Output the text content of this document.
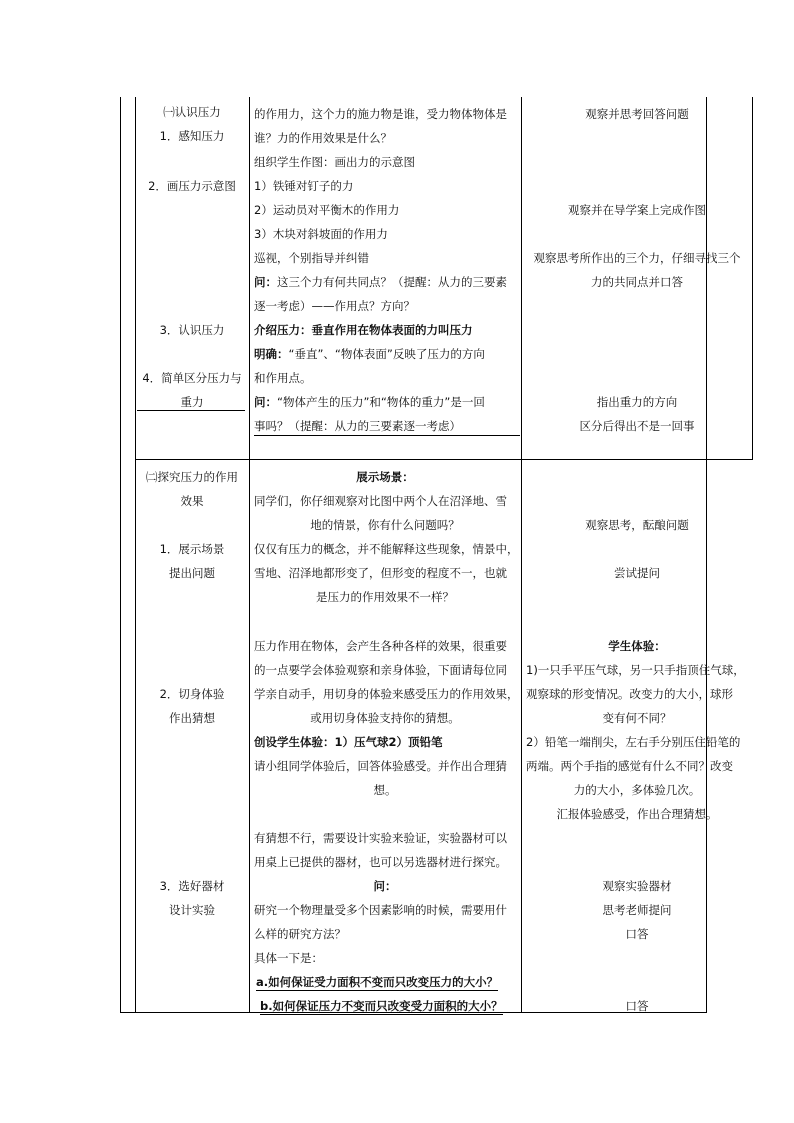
㈠认识压力
1．感知压力
2．画压力示意图
3．认识压力
4．简单区分压力与
重力
的作用力，这个力的施力物是谁，受力物体物体是
谁？力的作用效果是什么？
组织学生作图：画出力的示意图
1）铁锤对钉子的力
2）运动员对平衡木的作用力
3）木块对斜坡面的作用力
巡视，个别指导并纠错
问：这三个力有何共同点？（提醒：从力的三要素
逐一考虑）——作用点？方向？
介绍压力：垂直作用在物体表面的力叫压力
明确：“垂直”、“物体表面”反映了压力的方向
和作用点。
问：“物体产生的压力”和“物体的重力”是一回
事吗？（提醒：从力的三要素逐一考虑）
观察并思考回答问题
观察并在导学案上完成作图
观察思考所作出的三个力，仔细寻找三个
力的共同点并口答
指出重力的方向
区分后得出不是一回事
㈡探究压力的作用
效果
1．展示场景
提出问题
2．切身体验
作出猜想
3．选好器材
设计实验
展示场景：
同学们，你仔细观察对比图中两个人在沼泽地、雪
地的情景，你有什么问题吗？
仅仅有压力的概念，并不能解释这些现象，情景中，
雪地、沼泽地都形变了，但形变的程度不一，也就
是压力的作用效果不一样？
压力作用在物体，会产生各种各样的效果，很重要
的一点要学会体验观察和亲身体验，下面请每位同
学亲自动手，用切身的体验来感受压力的作用效果，
或用切身体验支持你的猜想。
创设学生体验：1）压气球2）顶铅笔
请小组同学体验后，回答体验感受。并作出合理猜
想。
有猜想不行，需要设计实验来验证，实验器材可以
用桌上已提供的器材，也可以另选器材进行探究。
问：
研究一个物理量受多个因素影响的时候，需要用什
么样的研究方法？
具体一下是：
a.如何保证受力面积不变而只改变压力的大小？
b.如何保证压力不变而只改变受力面积的大小？
观察思考，酝酿问题
尝试提问
学生体验：
1)一只手平压气球，另一只手指顶住气球，
观察球的形变情况。改变力的大小，球形
变有何不同？
2）铅笔一端削尖，左右手分别压住铅笔的
两端。两个手指的感觉有什么不同？改变
力的大小，多体验几次。
汇报体验感受，作出合理猜想。
观察实验器材
思考老师提问
口答
口答
